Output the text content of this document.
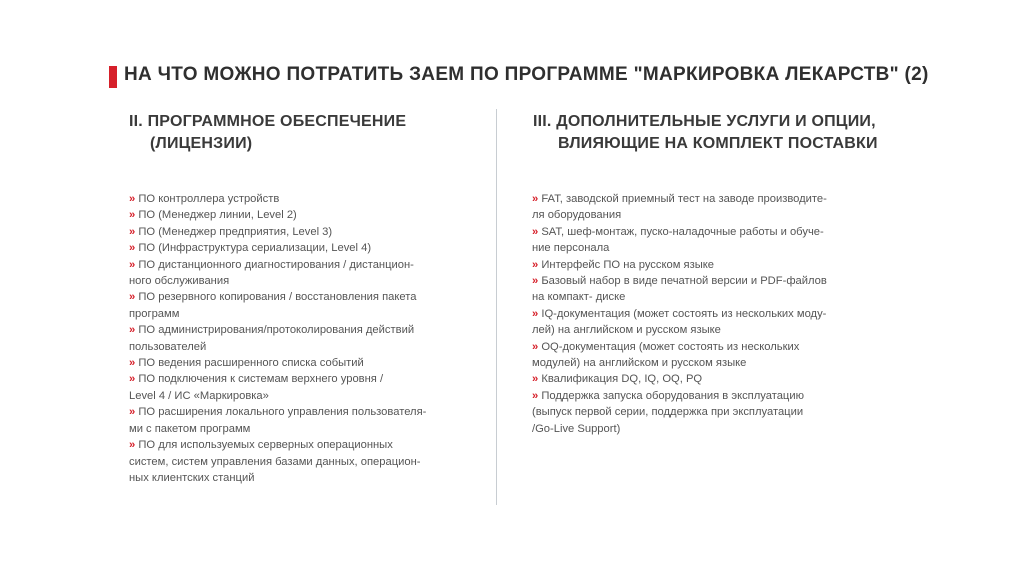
НА ЧТО МОЖНО ПОТРАТИТЬ ЗАЕМ ПО ПРОГРАММЕ "МАРКИРОВКА ЛЕКАРСТВ" (2)
II. ПРОГРАММНОЕ ОБЕСПЕЧЕНИЕ
(ЛИЦЕНЗИИ)
III. ДОПОЛНИТЕЛЬНЫЕ УСЛУГИ И ОПЦИИ,
ВЛИЯЮЩИЕ НА КОМПЛЕКТ ПОСТАВКИ
» ПО контроллера устройств
» ПО (Менеджер линии, Level 2)
» ПО (Менеджер предприятия, Level 3)
» ПО (Инфраструктура сериализации, Level 4)
» ПО дистанционного диагностирования / дистанцион-
ного обслуживания
» ПО резервного копирования / восстановления пакета
программ
» ПО администрирования/протоколирования действий
пользователей
» ПО ведения расширенного списка событий
» ПО подключения к системам верхнего уровня /
Level 4 / ИС «Маркировка»
» ПО расширения локального управления пользователя-
ми с пакетом программ
» ПО для используемых серверных операционных
систем, систем управления базами данных, операцион-
ных клиентских станций
» FAT, заводской приемный тест на заводе производите-
ля оборудования
» SAT, шеф-монтаж, пуско-наладочные работы и обуче-
ние персонала
» Интерфейс ПО на русском языке
» Базовый набор в виде печатной версии и PDF-файлов
на компакт- диске
» IQ-документация (может состоять из нескольких моду-
лей) на английском и русском языке
» OQ-документация (может состоять из нескольких
модулей) на английском и русском языке
» Квалификация DQ, IQ, OQ, PQ
» Поддержка запуска оборудования в эксплуатацию
(выпуск первой серии, поддержка при эксплуатации
/Go-Live Support)
